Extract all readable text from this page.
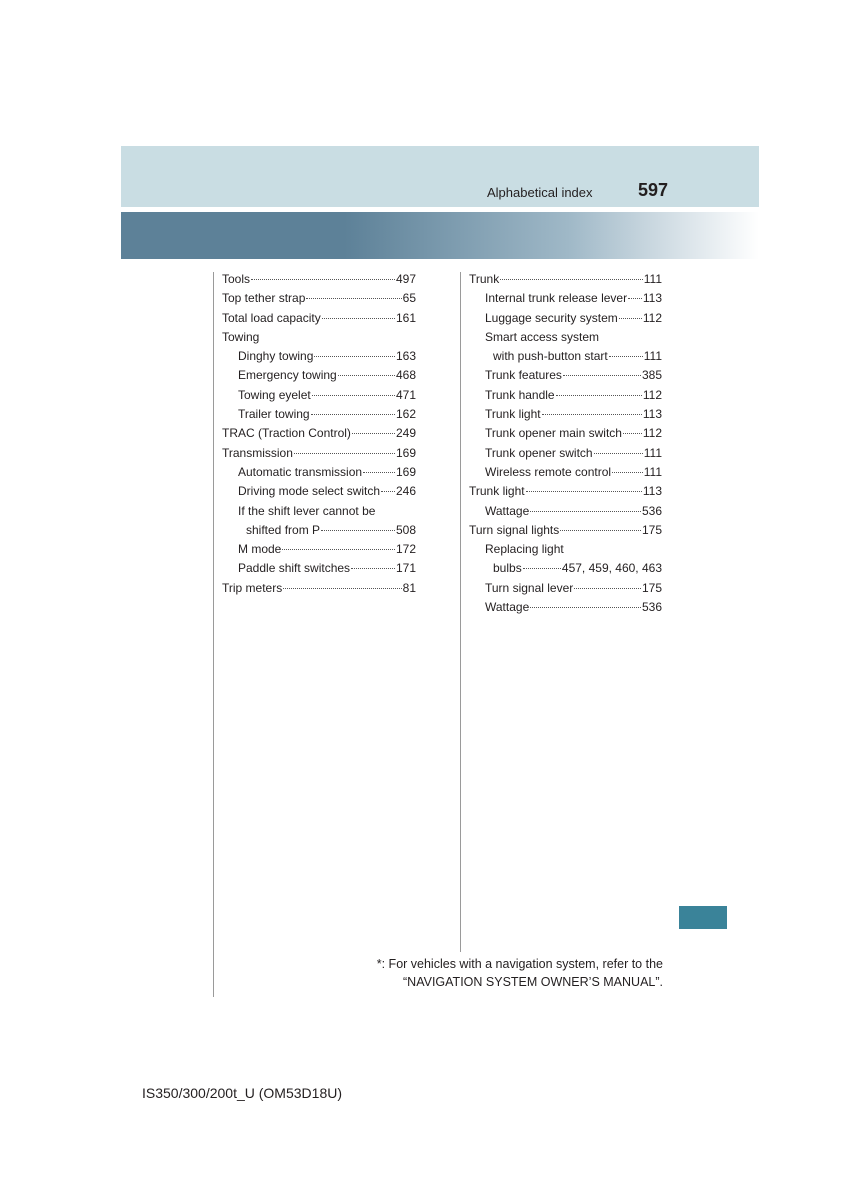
Alphabetical index	597
Tools	497
Top tether strap	65
Total load capacity	161
Towing
Dinghy towing	163
Emergency towing	468
Towing eyelet	471
Trailer towing	162
TRAC (Traction Control)	249
Transmission	169
Automatic transmission	169
Driving mode select switch 246
If the shift lever cannot be
shifted from P	508
M mode	172
Paddle shift switches	171
Trip meters	81
Trunk	111
Internal trunk release lever 113
Luggage security system 112
Smart access system
with push-button start	111
Trunk features	385
Trunk handle	112
Trunk light	113
Trunk opener main switch 112
Trunk opener switch	111
Wireless remote control	111
Trunk light	113
Wattage	536
Turn signal lights	175
Replacing light
bulbs	457, 459, 460, 463
Turn signal lever	175
Wattage	536
*: For vehicles with a navigation system, refer to the
“NAVIGATION SYSTEM OWNER’S MANUAL”.
IS350/300/200t_U (OM53D18U)
